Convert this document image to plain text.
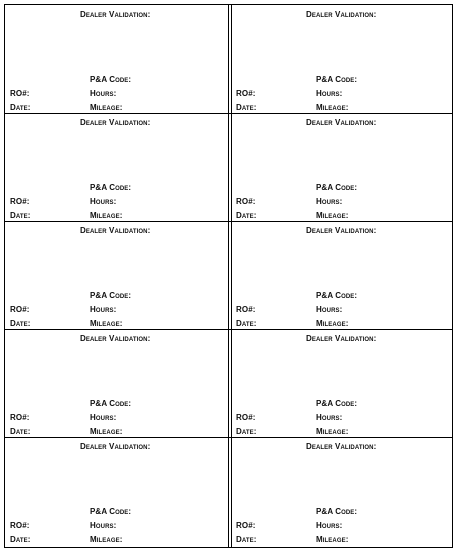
Dealer Validation:
P&A Code:
RO#:	Hours:
Date:	Mileage:
Dealer Validation:
P&A Code:
RO#:	Hours:
Date:	Mileage:
Dealer Validation:
P&A Code:
RO#:	Hours:
Date:	Mileage:
Dealer Validation:
P&A Code:
RO#:	Hours:
Date:	Mileage:
Dealer Validation:
P&A Code:
RO#:	Hours:
Date:	Mileage:
Dealer Validation:
P&A Code:
RO#:	Hours:
Date:	Mileage:
Dealer Validation:
P&A Code:
RO#:	Hours:
Date:	Mileage:
Dealer Validation:
P&A Code:
RO#:	Hours:
Date:	Mileage:
Dealer Validation:
P&A Code:
RO#:	Hours:
Date:	Mileage:
Dealer Validation:
P&A Code:
RO#:	Hours:
Date:	Mileage:
